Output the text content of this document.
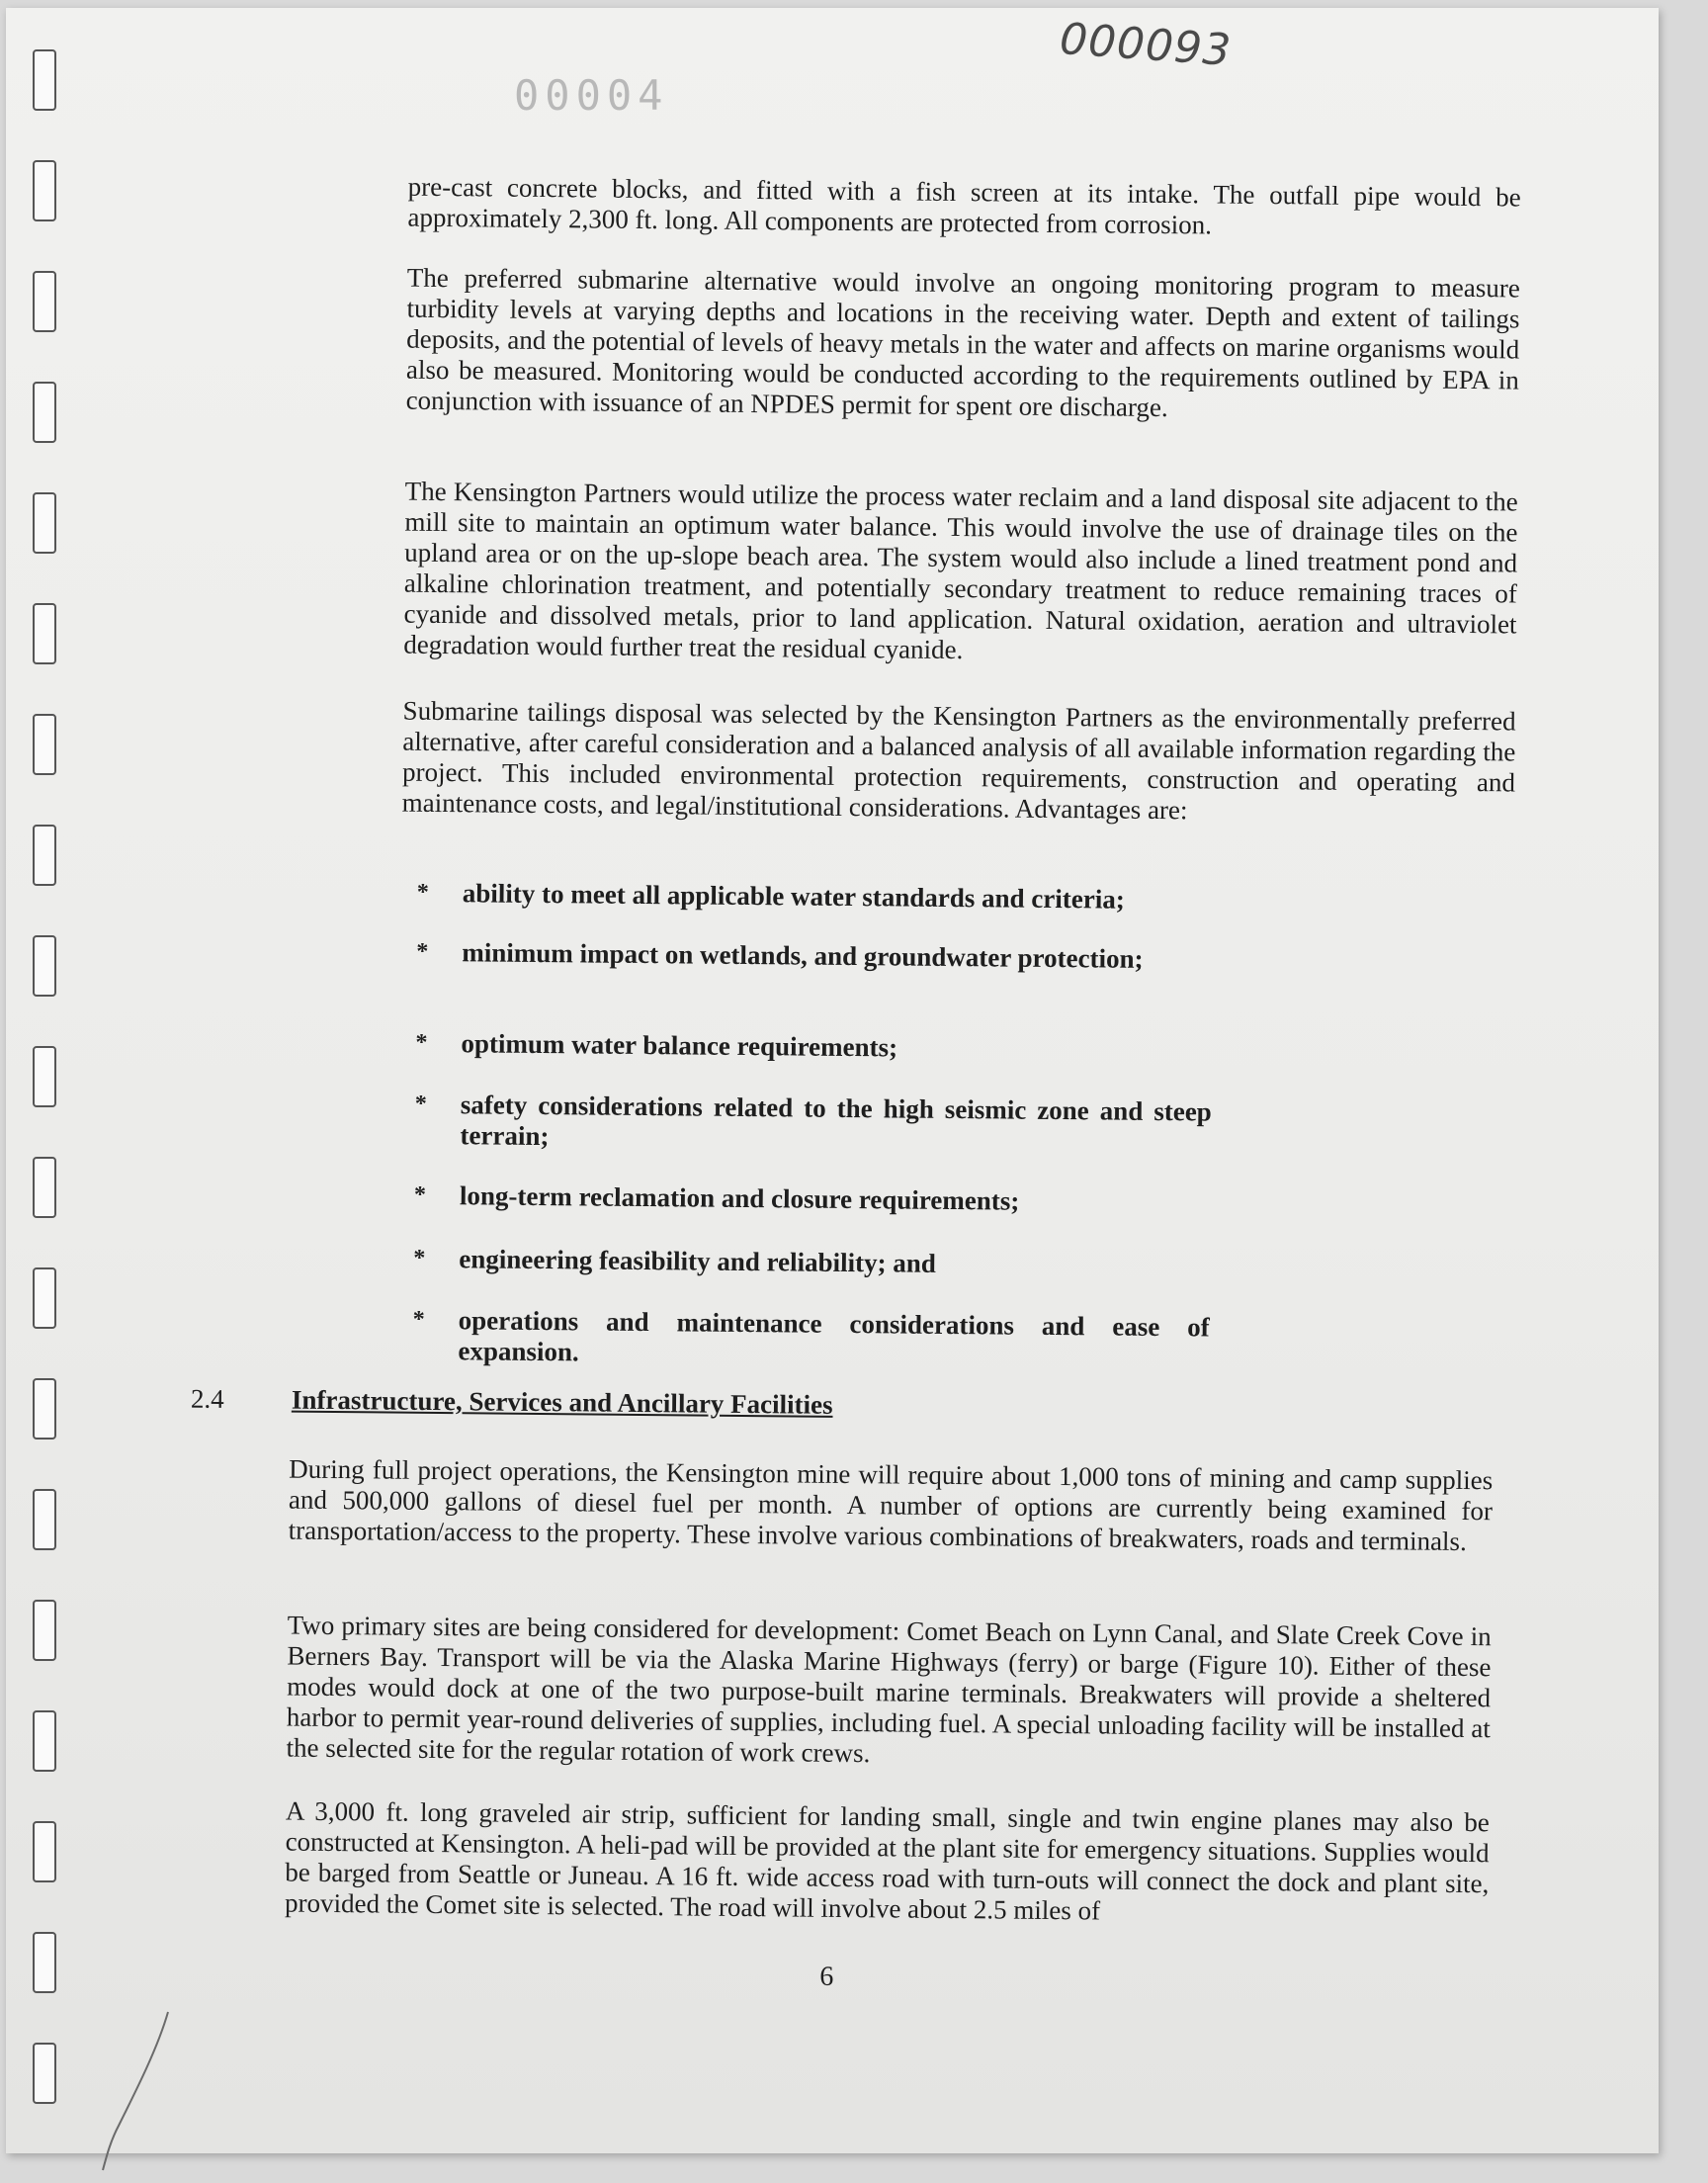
000093
00004

pre-cast concrete blocks, and fitted with a fish screen at its intake. The outfall pipe would be approximately 2,300 ft. long. All components are protected from corrosion.

The preferred submarine alternative would involve an ongoing monitoring program to measure turbidity levels at varying depths and locations in the receiving water. Depth and extent of tailings deposits, and the potential of levels of heavy metals in the water and affects on marine organisms would also be measured. Monitoring would be conducted according to the requirements outlined by EPA in conjunction with issuance of an NPDES permit for spent ore discharge.

The Kensington Partners would utilize the process water reclaim and a land disposal site adjacent to the mill site to maintain an optimum water balance. This would involve the use of drainage tiles on the upland area or on the up-slope beach area. The system would also include a lined treatment pond and alkaline chlorination treatment, and potentially secondary treatment to reduce remaining traces of cyanide and dissolved metals, prior to land application. Natural oxidation, aeration and ultraviolet degradation would further treat the residual cyanide.

Submarine tailings disposal was selected by the Kensington Partners as the environmentally preferred alternative, after careful consideration and a balanced analysis of all available information regarding the project. This included environmental protection requirements, construction and operating and maintenance costs, and legal/institutional considerations. Advantages are:

* ability to meet all applicable water standards and criteria;
* minimum impact on wetlands, and groundwater protection;
* optimum water balance requirements;
* safety considerations related to the high seismic zone and steep terrain;
* long-term reclamation and closure requirements;
* engineering feasibility and reliability; and
* operations and maintenance considerations and ease of expansion.

2.4	Infrastructure, Services and Ancillary Facilities

During full project operations, the Kensington mine will require about 1,000 tons of mining and camp supplies and 500,000 gallons of diesel fuel per month. A number of options are currently being examined for transportation/access to the property. These involve various combinations of breakwaters, roads and terminals.

Two primary sites are being considered for development: Comet Beach on Lynn Canal, and Slate Creek Cove in Berners Bay. Transport will be via the Alaska Marine Highways (ferry) or barge (Figure 10). Either of these modes would dock at one of the two purpose-built marine terminals. Breakwaters will provide a sheltered harbor to permit year-round deliveries of supplies, including fuel. A special unloading facility will be installed at the selected site for the regular rotation of work crews.

A 3,000 ft. long graveled air strip, sufficient for landing small, single and twin engine planes may also be constructed at Kensington. A heli-pad will be provided at the plant site for emergency situations. Supplies would be barged from Seattle or Juneau. A 16 ft. wide access road with turn-outs will connect the dock and plant site, provided the Comet site is selected. The road will involve about 2.5 miles of

6
